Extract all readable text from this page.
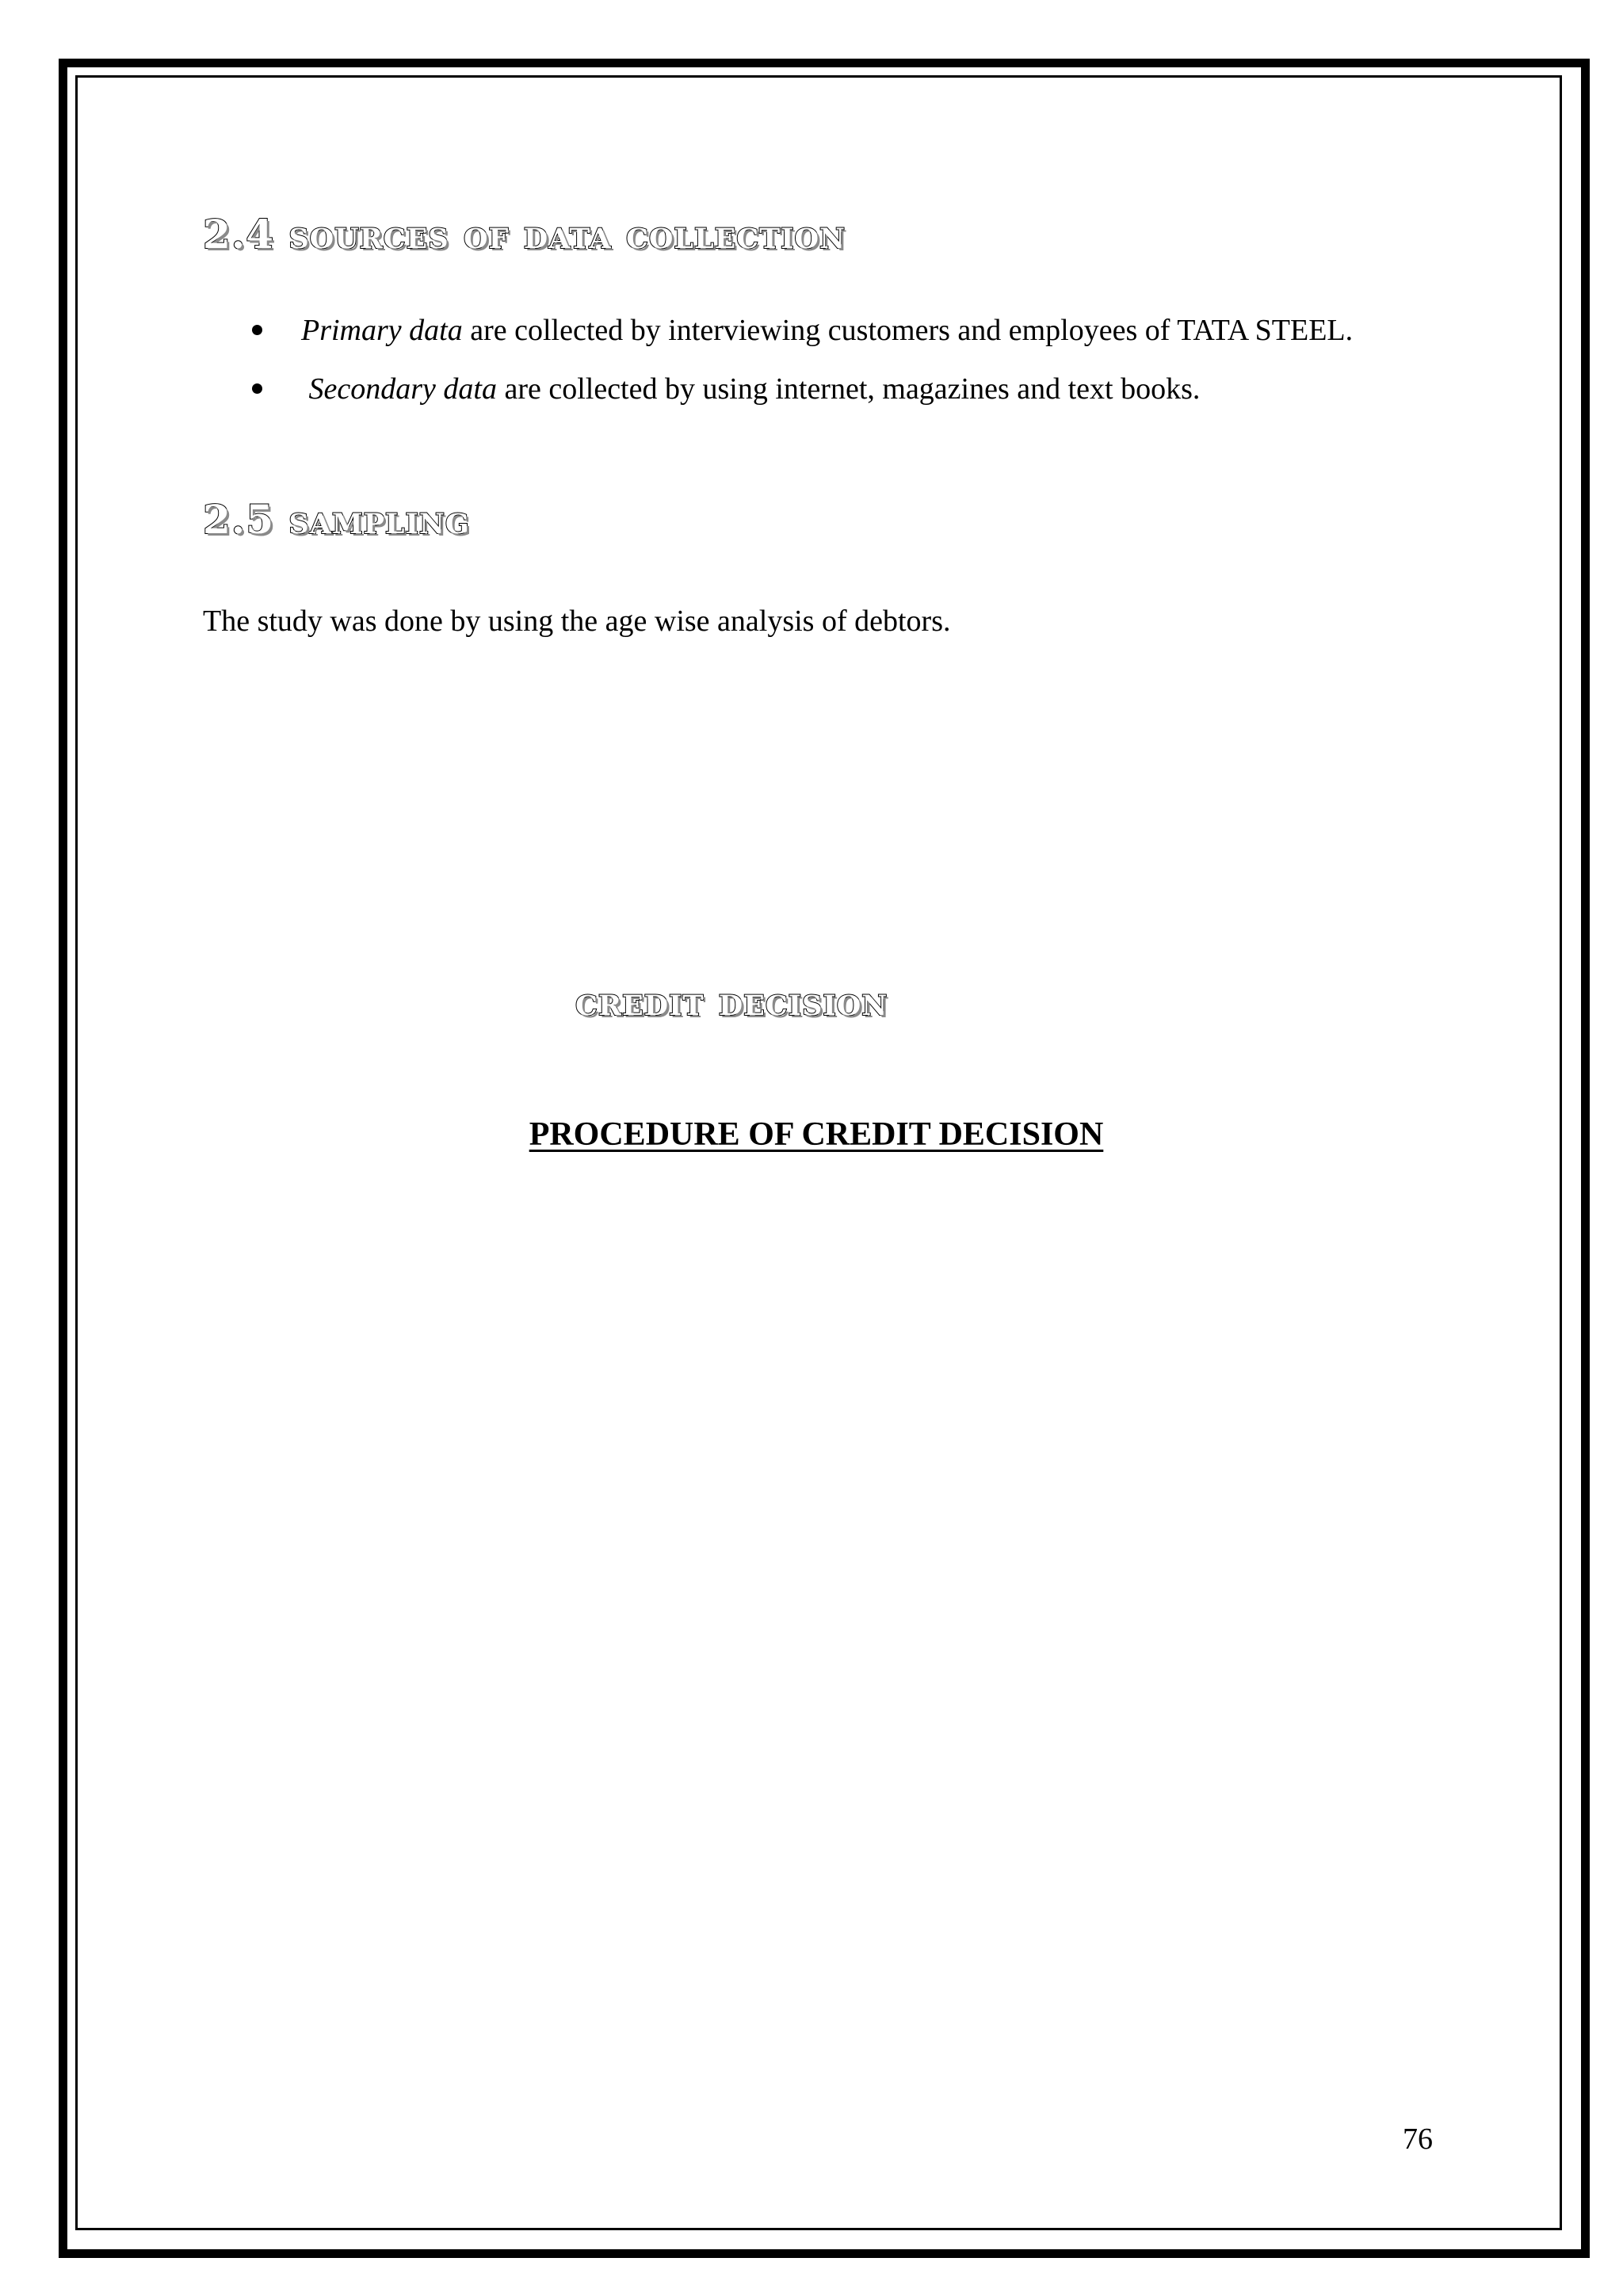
2.4 sources of data collection
Primary data are collected by interviewing customers and employees of TATA STEEL.
Secondary data are collected by using internet, magazines and text books.
2.5 sampling

The study was done by using the age wise analysis of debtors.

credit decision
PROCEDURE OF CREDIT DECISION
76
